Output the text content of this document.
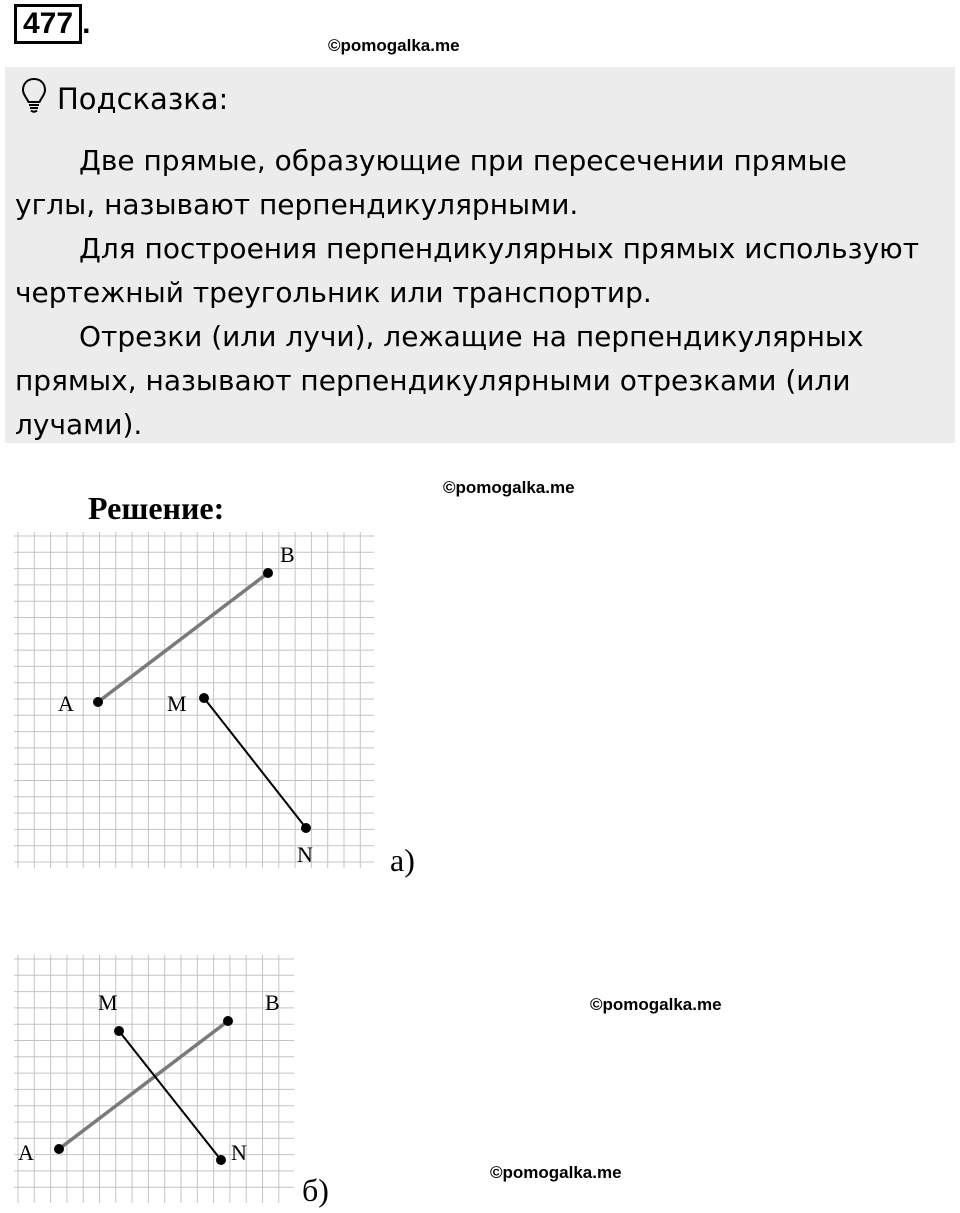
477 .
©pomogalka.me
Подсказка:

Две прямые, образующие при пересечении прямые углы, называют перпендикулярными.

Для построения перпендикулярных прямых используют чертежный треугольник или транспортир.

Отрезки (или лучи), лежащие на перпендикулярных прямых, называют перпендикулярными отрезками (или лучами).

©pomogalka.me
Решение:
A
B
M
N а)
©pomogalka.me
A
B
M
N
б)	©pomogalka.me
